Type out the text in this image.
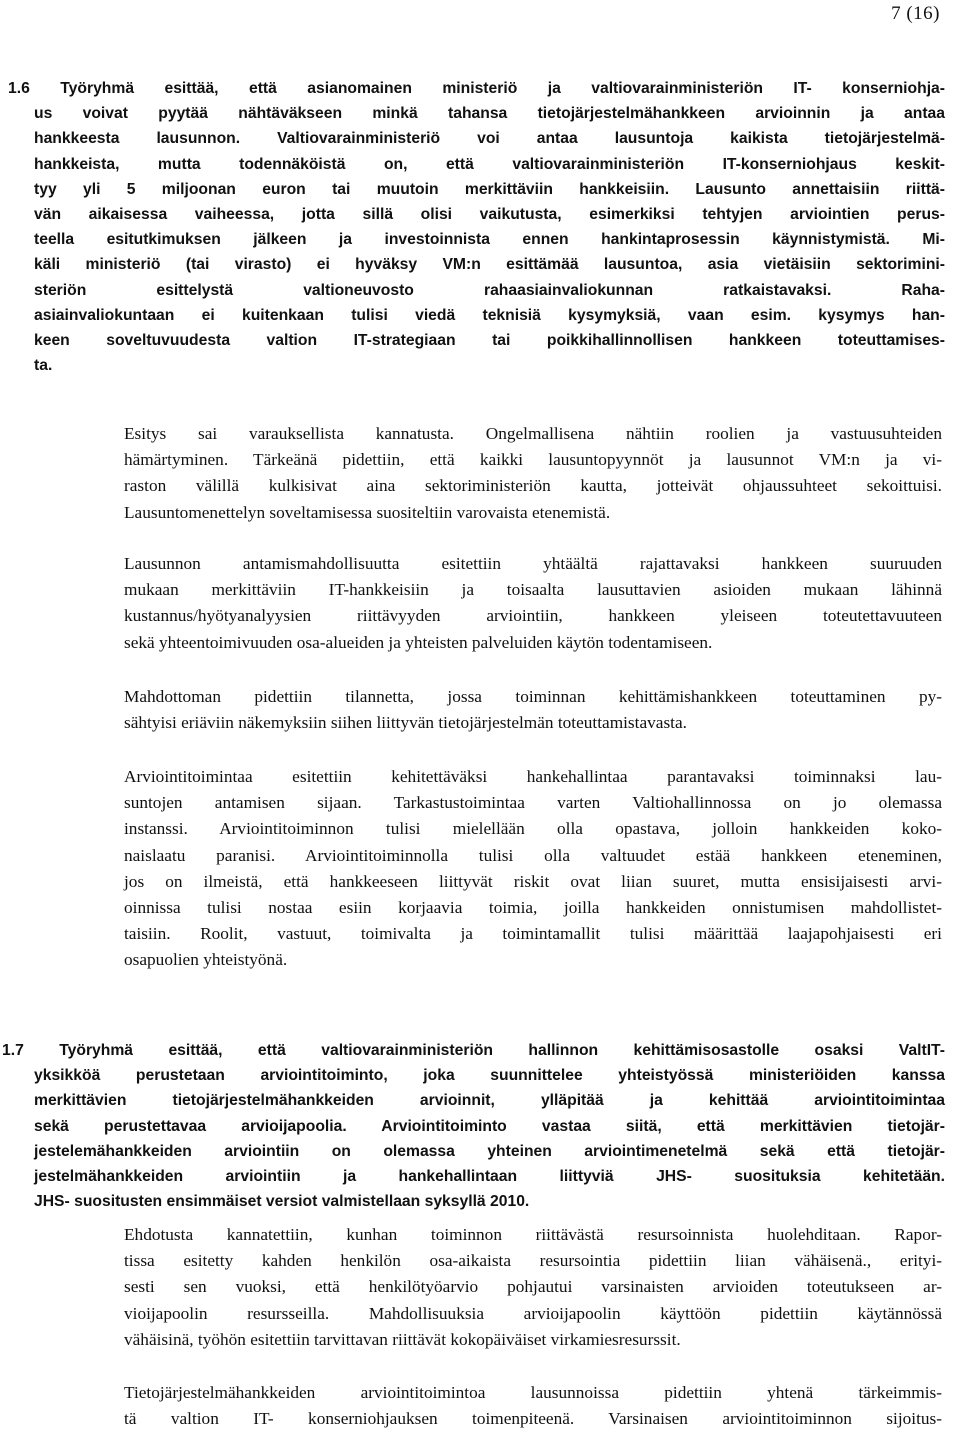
7 (16)
1.6 Työryhmä esittää, että asianomainen ministeriö ja valtiovarainministeriön IT- konserniohja-
us voivat pyytää nähtäväkseen minkä tahansa tietojärjestelmähankkeen arvioinnin ja antaa
hankkeesta lausunnon. Valtiovarainministeriö voi antaa lausuntoja kaikista tietojärjestelmä-
hankkeista, mutta todennäköistä on, että valtiovarainministeriön IT-konserniohjaus keskit-
tyy yli 5 miljoonan euron tai muutoin merkittäviin hankkeisiin. Lausunto annettaisiin riittä-
vän aikaisessa vaiheessa, jotta sillä olisi vaikutusta, esimerkiksi tehtyjen arviointien perus-
teella esitutkimuksen jälkeen ja investoinnista ennen hankintaprosessin käynnistymistä. Mi-
käli ministeriö (tai virasto) ei hyväksy VM:n esittämää lausuntoa, asia vietäisiin sektorimini-
steriön esittelystä valtioneuvosto rahaasiainvaliokunnan ratkaistavaksi. Raha-
asiainvaliokuntaan ei kuitenkaan tulisi viedä teknisiä kysymyksiä, vaan esim. kysymys han-
keen soveltuvuudesta valtion IT-strategiaan tai poikkihallinnollisen hankkeen toteuttamises-
ta.
Esitys sai varauksellista kannatusta. Ongelmallisena nähtiin roolien ja vastuusuhteiden
hämärtyminen. Tärkeänä pidettiin, että kaikki lausuntopyynnöt ja lausunnot VM:n ja vi-
raston välillä kulkisivat aina sektoriministeriön kautta, jotteivät ohjaussuhteet sekoittuisi.
Lausuntomenettelyn soveltamisessa suositeltiin varovaista etenemistä.
Lausunnon antamismahdollisuutta esitettiin yhtäältä rajattavaksi hankkeen suuruuden
mukaan merkittäviin IT-hankkeisiin ja toisaalta lausuttavien asioiden mukaan lähinnä
kustannus/hyötyanalyysien riittävyyden arviointiin, hankkeen yleiseen toteutettavuuteen
sekä yhteentoimivuuden osa-alueiden ja yhteisten palveluiden käytön todentamiseen.
Mahdottoman pidettiin tilannetta, jossa toiminnan kehittämishankkeen toteuttaminen py-
sähtyisi eriäviin näkemyksiin siihen liittyvän tietojärjestelmän toteuttamistavasta.
Arviointitoimintaa esitettiin kehitettäväksi hankehallintaa parantavaksi toiminnaksi lau-
suntojen antamisen sijaan. Tarkastustoimintaa varten Valtiohallinnossa on jo olemassa
instanssi. Arviointitoiminnon tulisi mielellään olla opastava, jolloin hankkeiden koko-
naislaatu paranisi. Arviointitoiminnolla tulisi olla valtuudet estää hankkeen eteneminen,
jos on ilmeistä, että hankkeeseen liittyvät riskit ovat liian suuret, mutta ensisijaisesti arvi-
oinnissa tulisi nostaa esiin korjaavia toimia, joilla hankkeiden onnistumisen mahdollistet-
taisiin. Roolit, vastuut, toimivalta ja toimintamallit tulisi määrittää laajapohjaisesti eri
osapuolien yhteistyönä.
1.7 Työryhmä esittää, että valtiovarainministeriön hallinnon kehittämisosastolle osaksi ValtIT-
yksikköä perustetaan arviointitoiminto, joka suunnittelee yhteistyössä ministeriöiden kanssa
merkittävien tietojärjestelmähankkeiden arvioinnit, ylläpitää ja kehittää arviointitoimintaa
sekä perustettavaa arvioijapoolia. Arviointitoiminto vastaa siitä, että merkittävien tietojär-
jestelemähankkeiden arviointiin on olemassa yhteinen arviointimenetelmä sekä että tietojär-
jestelmähankkeiden arviointiin ja hankehallintaan liittyviä JHS- suosituksia kehitetään.
JHS- suositusten ensimmäiset versiot valmistellaan syksyllä 2010.
Ehdotusta kannatettiin, kunhan toiminnon riittävästä resursoinnista huolehditaan. Rapor-
tissa esitetty kahden henkilön osa-aikaista resursointia pidettiin liian vähäisenä., erityi-
sesti sen vuoksi, että henkilötyöarvio pohjautui varsinaisten arvioiden toteutukseen ar-
vioijapoolin resursseilla. Mahdollisuuksia arvioijapoolin käyttöön pidettiin käytännössä
vähäisinä, työhön esitettiin tarvittavan riittävät kokopäiväiset virkamiesresurssit.
Tietojärjestelmähankkeiden arviointitoimintoa lausunnoissa pidettiin yhtenä tärkeimmis-
tä valtion IT- konserniohjauksen toimenpiteenä. Varsinaisen arviointitoiminnon sijoitus-
